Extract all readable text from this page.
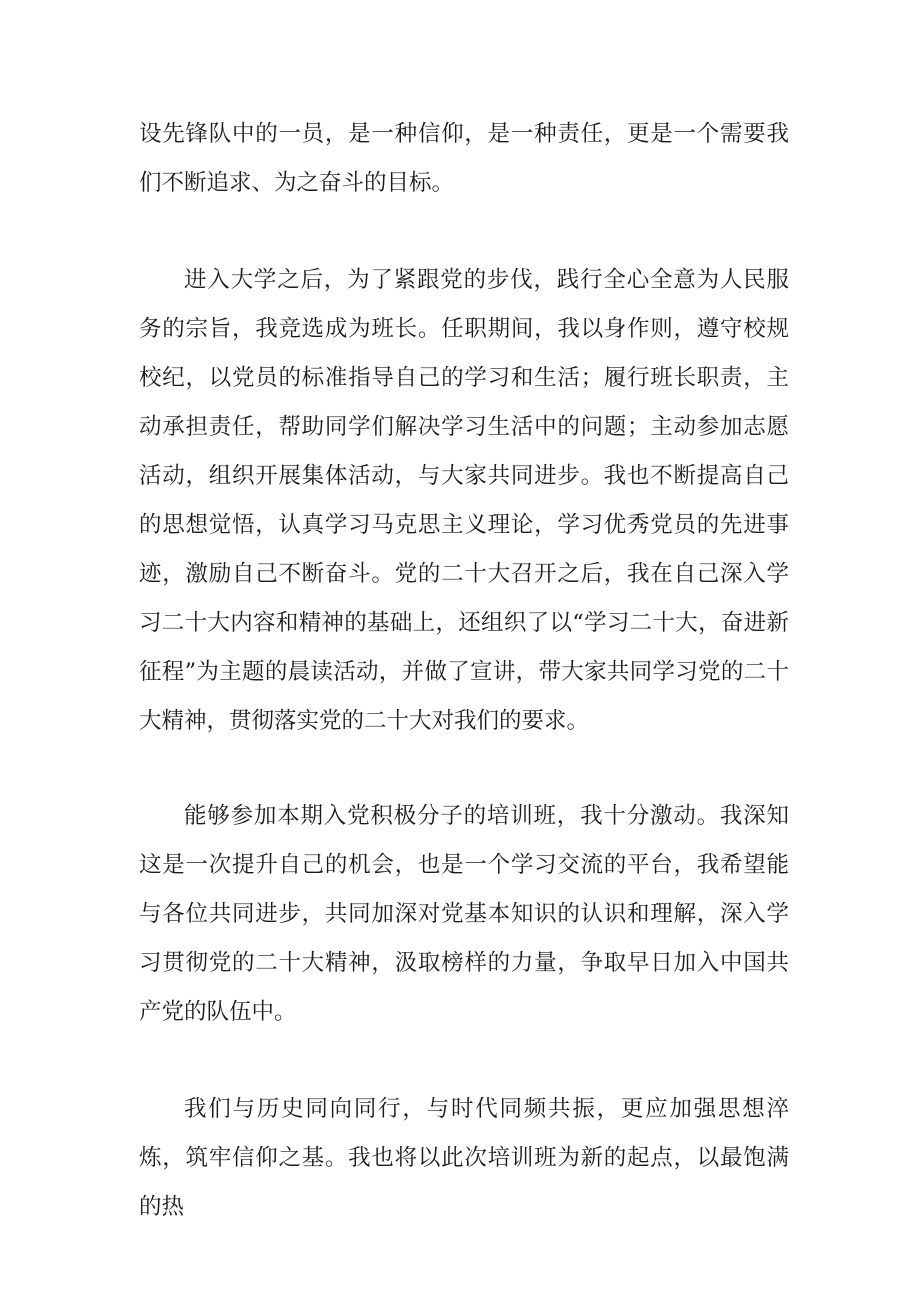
设先锋队中的一员，是一种信仰，是一种责任，更是一个需要我们不断追求、为之奋斗的目标。

进入大学之后，为了紧跟党的步伐，践行全心全意为人民服务的宗旨，我竞选成为班长。任职期间，我以身作则，遵守校规校纪，以党员的标准指导自己的学习和生活；履行班长职责，主动承担责任，帮助同学们解决学习生活中的问题；主动参加志愿活动，组织开展集体活动，与大家共同进步。我也不断提高自己的思想觉悟，认真学习马克思主义理论，学习优秀党员的先进事迹，激励自己不断奋斗。党的二十大召开之后，我在自己深入学习二十大内容和精神的基础上，还组织了以“学习二十大，奋进新征程”为主题的晨读活动，并做了宣讲，带大家共同学习党的二十大精神，贯彻落实党的二十大对我们的要求。

能够参加本期入党积极分子的培训班，我十分激动。我深知这是一次提升自己的机会，也是一个学习交流的平台，我希望能与各位共同进步，共同加深对党基本知识的认识和理解，深入学习贯彻党的二十大精神，汲取榜样的力量，争取早日加入中国共产党的队伍中。

我们与历史同向同行，与时代同频共振，更应加强思想淬炼，筑牢信仰之基。我也将以此次培训班为新的起点，以最饱满的热
